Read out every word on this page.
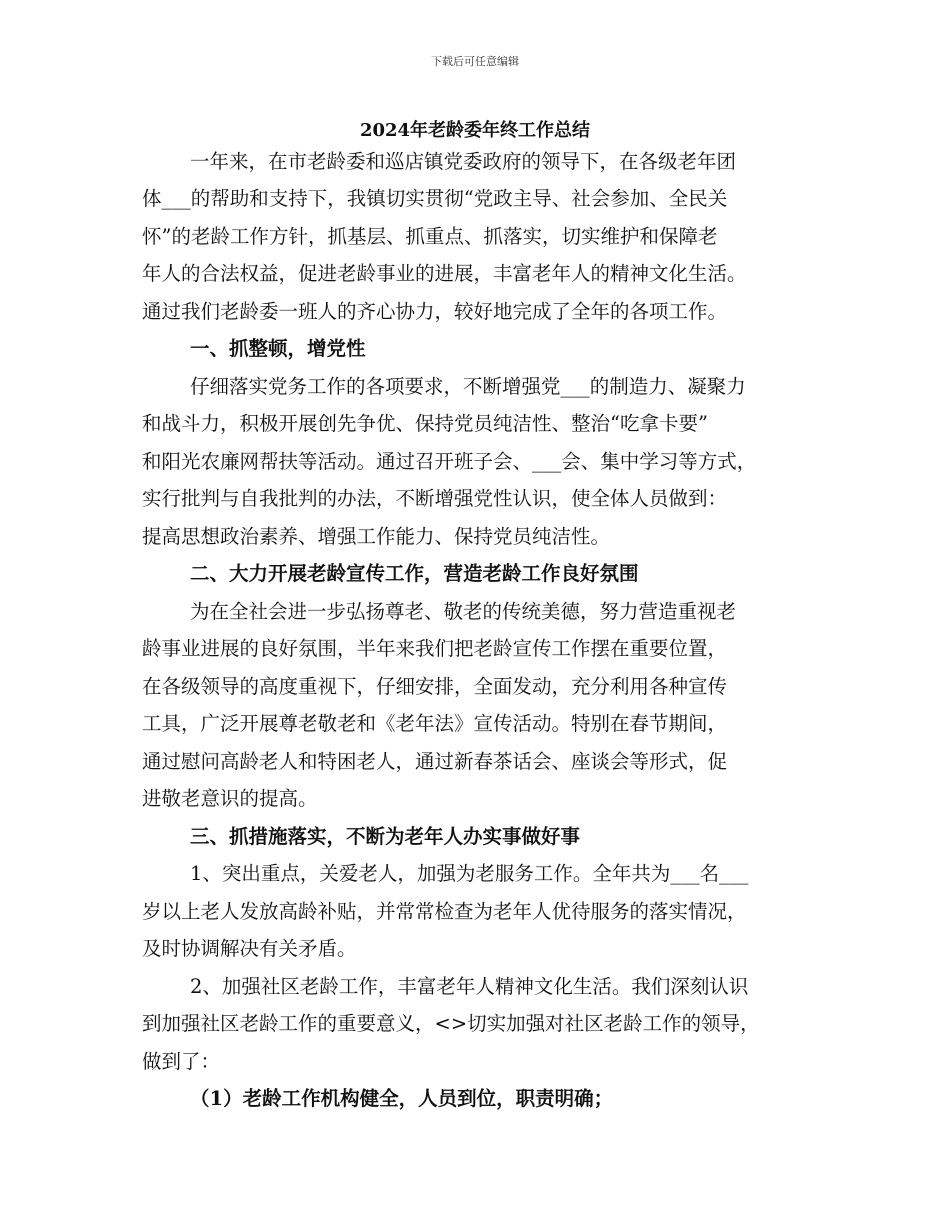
下载后可任意编辑
2024年老龄委年终工作总结
一年来，在市老龄委和巡店镇党委政府的领导下，在各级老年团
体___的帮助和支持下，我镇切实贯彻“党政主导、社会参加、全民关
怀”的老龄工作方针，抓基层、抓重点、抓落实，切实维护和保障老
年人的合法权益，促进老龄事业的进展，丰富老年人的精神文化生活。
通过我们老龄委一班人的齐心协力，较好地完成了全年的各项工作。
一、抓整顿，增党性
仔细落实党务工作的各项要求，不断增强党___的制造力、凝聚力
和战斗力，积极开展创先争优、保持党员纯洁性、整治“吃拿卡要”
和阳光农廉网帮扶等活动。通过召开班子会、___会、集中学习等方式，
实行批判与自我批判的办法，不断增强党性认识，使全体人员做到：
提高思想政治素养、增强工作能力、保持党员纯洁性。
二、大力开展老龄宣传工作，营造老龄工作良好氛围
为在全社会进一步弘扬尊老、敬老的传统美德，努力营造重视老
龄事业进展的良好氛围，半年来我们把老龄宣传工作摆在重要位置，
在各级领导的高度重视下，仔细安排，全面发动，充分利用各种宣传
工具，广泛开展尊老敬老和《老年法》宣传活动。特别在春节期间，
通过慰问高龄老人和特困老人，通过新春茶话会、座谈会等形式，促
进敬老意识的提高。
三、抓措施落实，不断为老年人办实事做好事
1、突出重点，关爱老人，加强为老服务工作。全年共为___名___
岁以上老人发放高龄补贴，并常常检查为老年人优待服务的落实情况，
及时协调解决有关矛盾。
2、加强社区老龄工作，丰富老年人精神文化生活。我们深刻认识
到加强社区老龄工作的重要意义，<>切实加强对社区老龄工作的领导，
做到了：
（1）老龄工作机构健全，人员到位，职责明确；
